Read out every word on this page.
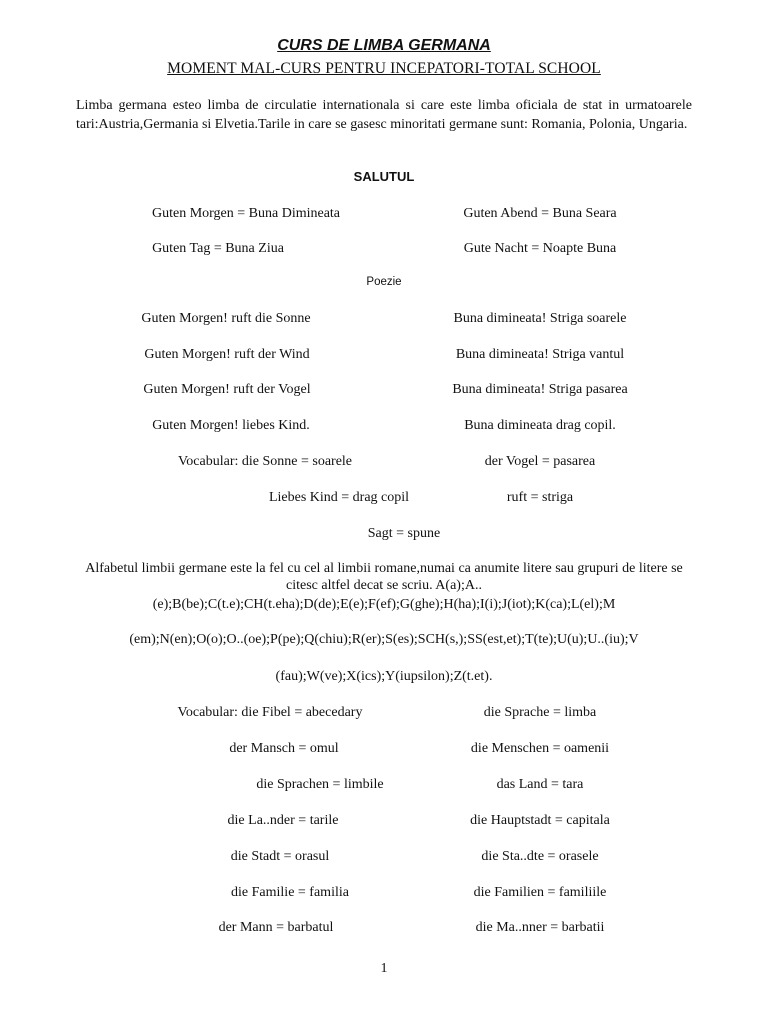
CURS DE LIMBA GERMANA
MOMENT MAL-CURS PENTRU INCEPATORI-TOTAL SCHOOL
Limba germana esteo limba de circulatie internationala si care este limba oficiala de stat in urmatoarele tari:Austria,Germania si Elvetia.Tarile in care se gasesc minoritati germane sunt: Romania, Polonia, Ungaria.
SALUTUL
Guten Morgen = Buna Dimineata	Guten Abend = Buna Seara
Guten Tag = Buna Ziua	Gute Nacht = Noapte Buna
Poezie
Guten Morgen! ruft die Sonne	Buna dimineata! Striga soarele
Guten Morgen! ruft der Wind	Buna dimineata! Striga vantul
Guten Morgen! ruft der Vogel	Buna dimineata! Striga pasarea
Guten Morgen! liebes Kind.	Buna dimineata drag copil.
Vocabular: die Sonne = soarele	der Vogel = pasarea
Liebes Kind = drag copil	ruft = striga
Sagt = spune
Alfabetul limbii germane este la fel cu cel al limbii romane,numai ca anumite litere sau grupuri de litere se citesc altfel decat se scriu. A(a);A..
(e);B(be);C(t.e);CH(t.eha);D(de);E(e);F(ef);G(ghe);H(ha);I(i);J(iot);K(ca);L(el);M
(em);N(en);O(o);O..(oe);P(pe);Q(chiu);R(er);S(es);SCH(s,);SS(est,et);T(te);U(u);U..(iu);V
(fau);W(ve);X(ics);Y(iupsilon);Z(t.et).
Vocabular: die Fibel = abecedary	die Sprache = limba
der Mansch = omul	die Menschen = oamenii
die Sprachen = limbile	das Land = tara
die La..nder = tarile	die Hauptstadt = capitala
die Stadt = orasul	die Sta..dte = orasele
die Familie = familia	die Familien = familiile
der Mann = barbatul	die Ma..nner = barbatii
1
